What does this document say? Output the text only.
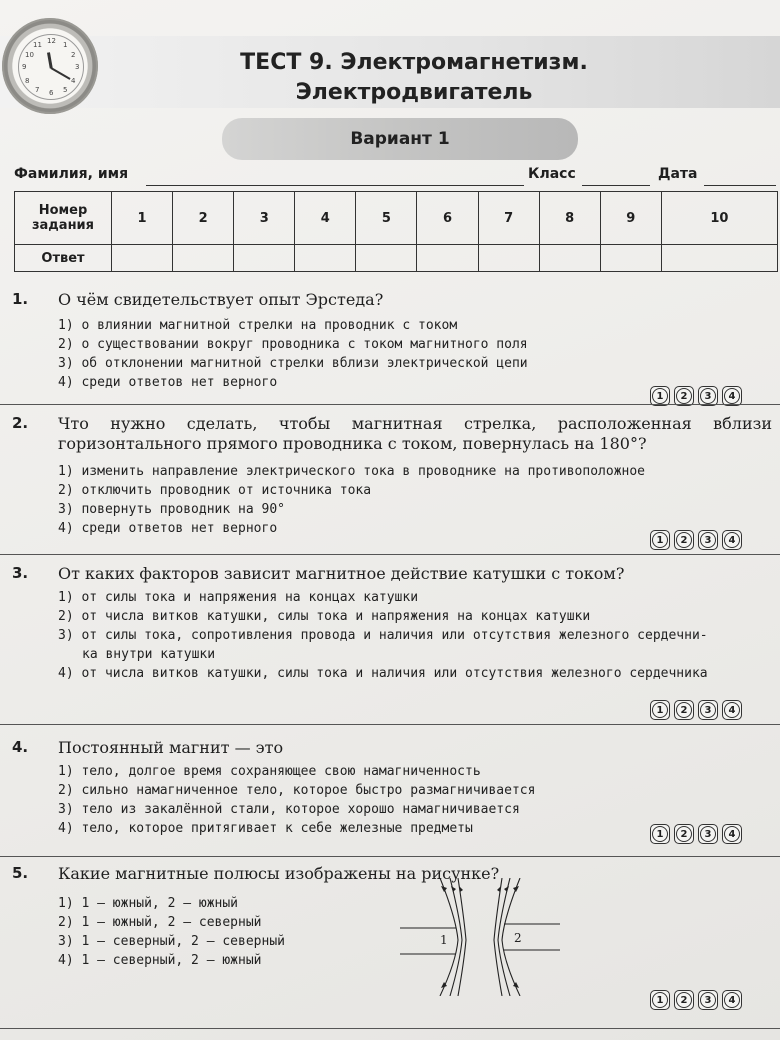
12
3
6
9
1
2
4
5
7
8
10
11
ТЕСТ 9. Электромагнетизм.
Электродвигатель
Вариант 1
Фамилия, имя	Класс	Дата
Номер задания	1	2	3	4	5	6	7	8	9	10
Ответ										
1. О чём свидетельствует опыт Эрстеда?
1) о влиянии магнитной стрелки на проводник с током
2) о существовании вокруг проводника с током магнитного поля
3) об отклонении магнитной стрелки вблизи электрической цепи
4) среди ответов нет верного
1	2	3	4
2. Что нужно сделать, чтобы магнитная стрелка, расположенная вблизи горизонтального прямого проводника с током, повернулась на 180°?
1) изменить направление электрического тока в проводнике на противоположное
2) отключить проводник от источника тока
3) повернуть проводник на 90°
4) среди ответов нет верного
1	2	3	4
3. От каких факторов зависит магнитное действие катушки с током?
1) от силы тока и напряжения на концах катушки
2) от числа витков катушки, силы тока и напряжения на концах катушки
3) от силы тока, сопротивления провода и наличия или отсутствия железного сердечни-
ка внутри катушки
4) от числа витков катушки, силы тока и наличия или отсутствия железного сердечника
1	2	3	4
4. Постоянный магнит — это
1) тело, долгое время сохраняющее свою намагниченность
2) сильно намагниченное тело, которое быстро размагничивается
3) тело из закалённой стали, которое хорошо намагничивается
4) тело, которое притягивает к себе железные предметы	1	2	3	4
5. Какие магнитные полюсы изображены на рисунке?
1) 1 — южный, 2 — южный
2) 1 — южный, 2 — северный
3) 1 — северный, 2 — северный
4) 1 — северный, 2 — южный
1	2	3	4
1	2
